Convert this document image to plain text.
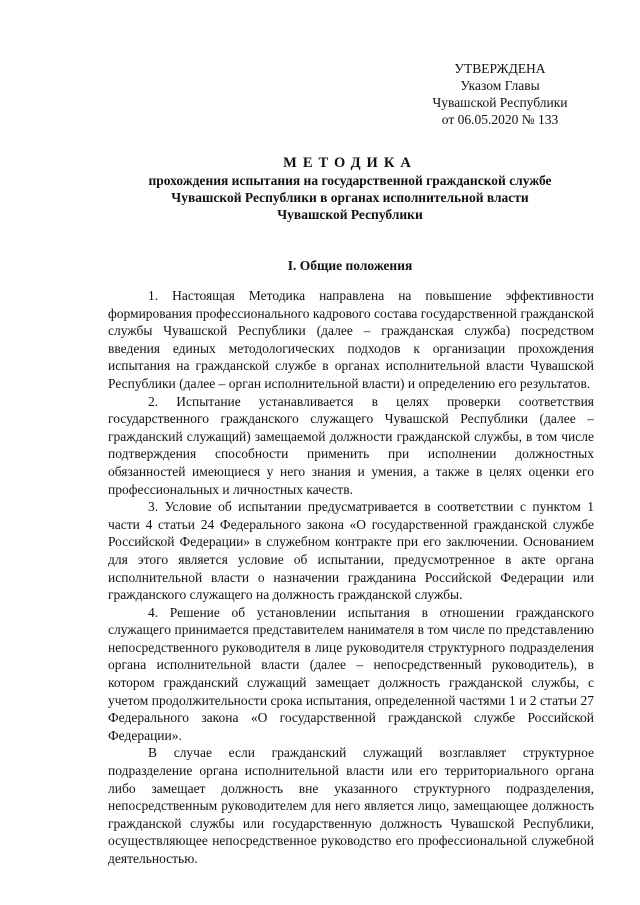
УТВЕРЖДЕНА
Указом Главы
Чувашской Республики
от 06.05.2020 № 133
МЕТОДИКА
прохождения испытания на государственной гражданской службе
Чувашской Республики в органах исполнительной власти
Чувашской Республики
I. Общие положения

1. Настоящая Методика направлена на повышение эффективности формирования профессионального кадрового состава государственной гражданской службы Чувашской Республики (далее – гражданская служба) посредством введения единых методологических подходов к организации прохождения испытания на гражданской службе в органах исполнительной власти Чувашской Республики (далее – орган исполнительной власти) и определению его результатов.

2. Испытание устанавливается в целях проверки соответствия государственного гражданского служащего Чувашской Республики (далее – гражданский служащий) замещаемой должности гражданской службы, в том числе подтверждения способности применить при исполнении должностных обязанностей имеющиеся у него знания и умения, а также в целях оценки его профессиональных и личностных качеств.

3. Условие об испытании предусматривается в соответствии с пунктом 1 части 4 статьи 24 Федерального закона «О государственной гражданской службе Российской Федерации» в служебном контракте при его заключении. Основанием для этого является условие об испытании, предусмотренное в акте органа исполнительной власти о назначении гражданина Российской Федерации или гражданского служащего на должность гражданской службы.

4. Решение об установлении испытания в отношении гражданского служащего принимается представителем нанимателя в том числе по представлению непосредственного руководителя в лице руководителя структурного подразделения органа исполнительной власти (далее – непосредственный руководитель), в котором гражданский служащий замещает должность гражданской службы, с учетом продолжительности срока испытания, определенной частями 1 и 2 статьи 27 Федерального закона «О государственной гражданской службе Российской Федерации».

В случае если гражданский служащий возглавляет структурное подразделение органа исполнительной власти или его территориального органа либо замещает должность вне указанного структурного подразделения, непосредственным руководителем для него является лицо, замещающее должность гражданской службы или государственную должность Чувашской Республики, осуществляющее непосредственное руководство его профессиональной служебной деятельностью.
